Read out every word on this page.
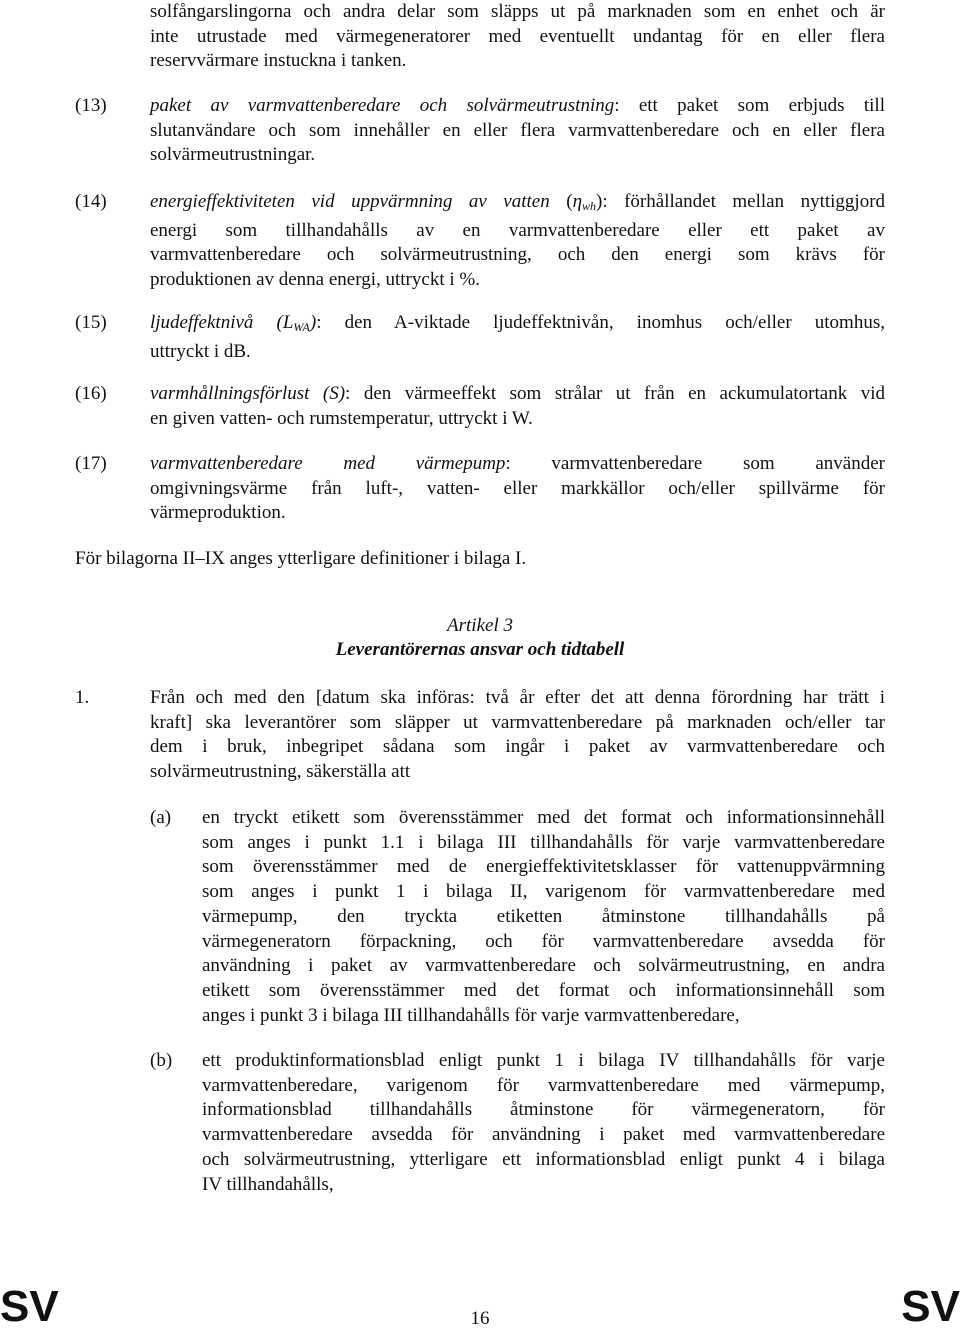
solfångarslingorna och andra delar som släpps ut på marknaden som en enhet och är
inte utrustade med värmegeneratorer med eventuellt undantag för en eller flera
reservvärmare instuckna i tanken.
(13) paket av varmvattenberedare och solvärmeutrustning: ett paket som erbjuds till
slutanvändare och som innehåller en eller flera varmvattenberedare och en eller flera
solvärmeutrustningar.
(14) energieffektiviteten vid uppvärmning av vatten $(\eta_{wh})$: förhållandet mellan nyttiggjord
energi som tillhandahålls av en varmvattenberedare eller ett paket av
varmvattenberedare och solvärmeutrustning, och den energi som krävs för
produktionen av denna energi, uttryckt i %.
(15) ljudeffektnivå $(L_{WA})$: den A-viktade ljudeffektnivån, inomhus och/eller utomhus,
uttryckt i dB.
(16) varmhållningsförlust (S): den värmeeffekt som strålar ut från en ackumulatortank vid
en given vatten- och rumstemperatur, uttryckt i W.
(17) varmvattenberedare med värmepump: varmvattenberedare som använder
omgivningsvärme från luft-, vatten- eller markkällor och/eller spillvärme för
värmeproduktion.
För bilagorna II–IX anges ytterligare definitioner i bilaga I.
Artikel 3
Leverantörernas ansvar och tidtabell
1.	Från och med den [datum ska införas: två år efter det att denna förordning har trätt i
kraft] ska leverantörer som släpper ut varmvattenberedare på marknaden och/eller tar
dem i bruk, inbegripet sådana som ingår i paket av varmvattenberedare och
solvärmeutrustning, säkerställa att
(a) en tryckt etikett som överensstämmer med det format och informationsinnehåll
som anges i punkt 1.1 i bilaga III tillhandahålls för varje varmvattenberedare
som överensstämmer med de energieffektivitetsklasser för vattenuppvärmning
som anges i punkt 1 i bilaga II, varigenom för varmvattenberedare med
värmepump, den tryckta etiketten åtminstone tillhandahålls på
värmegeneratorn förpackning, och för varmvattenberedare avsedda för
användning i paket av varmvattenberedare och solvärmeutrustning, en andra
etikett som överensstämmer med det format och informationsinnehåll som
anges i punkt 3 i bilaga III tillhandahålls för varje varmvattenberedare,
(b) ett produktinformationsblad enligt punkt 1 i bilaga IV tillhandahålls för varje
varmvattenberedare, varigenom för varmvattenberedare med värmepump,
informationsblad tillhandahålls åtminstone för värmegeneratorn, för
varmvattenberedare avsedda för användning i paket med varmvattenberedare
och solvärmeutrustning, ytterligare ett informationsblad enligt punkt 4 i bilaga
IV tillhandahålls,
SV	16	SV
